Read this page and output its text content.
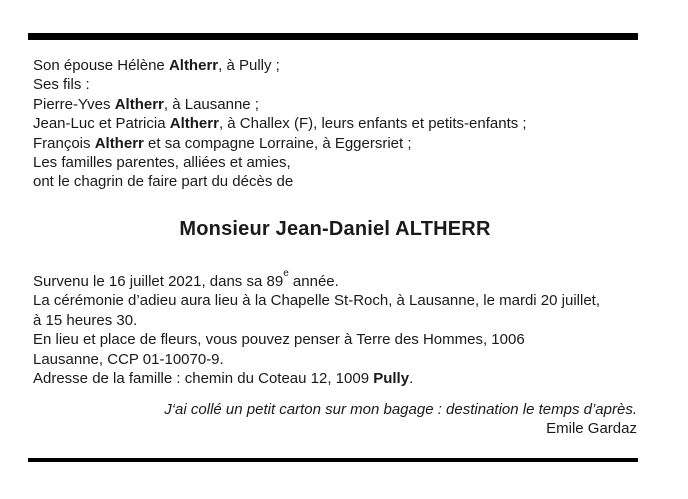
Son épouse Hélène Altherr, à Pully ;

Ses fils :

Pierre-Yves Altherr, à Lausanne ;

Jean-Luc et Patricia Altherr, à Challex (F), leurs enfants et petits-enfants ;

François Altherr et sa compagne Lorraine, à Eggersriet ;

Les familles parentes, alliées et amies,

ont le chagrin de faire part du décès de

Monsieur Jean-Daniel ALTHERR

Survenu le 16 juillet 2021, dans sa 89e année.

La cérémonie d’adieu aura lieu à la Chapelle St-Roch, à Lausanne, le mardi 20 juillet,

à 15 heures 30.

En lieu et place de fleurs, vous pouvez penser à Terre des Hommes, 1006

Lausanne, CCP 01-10070-9.

Adresse de la famille : chemin du Coteau 12, 1009 Pully.

J‘ai collé un petit carton sur mon bagage : destination le temps d’après.

Emile Gardaz
